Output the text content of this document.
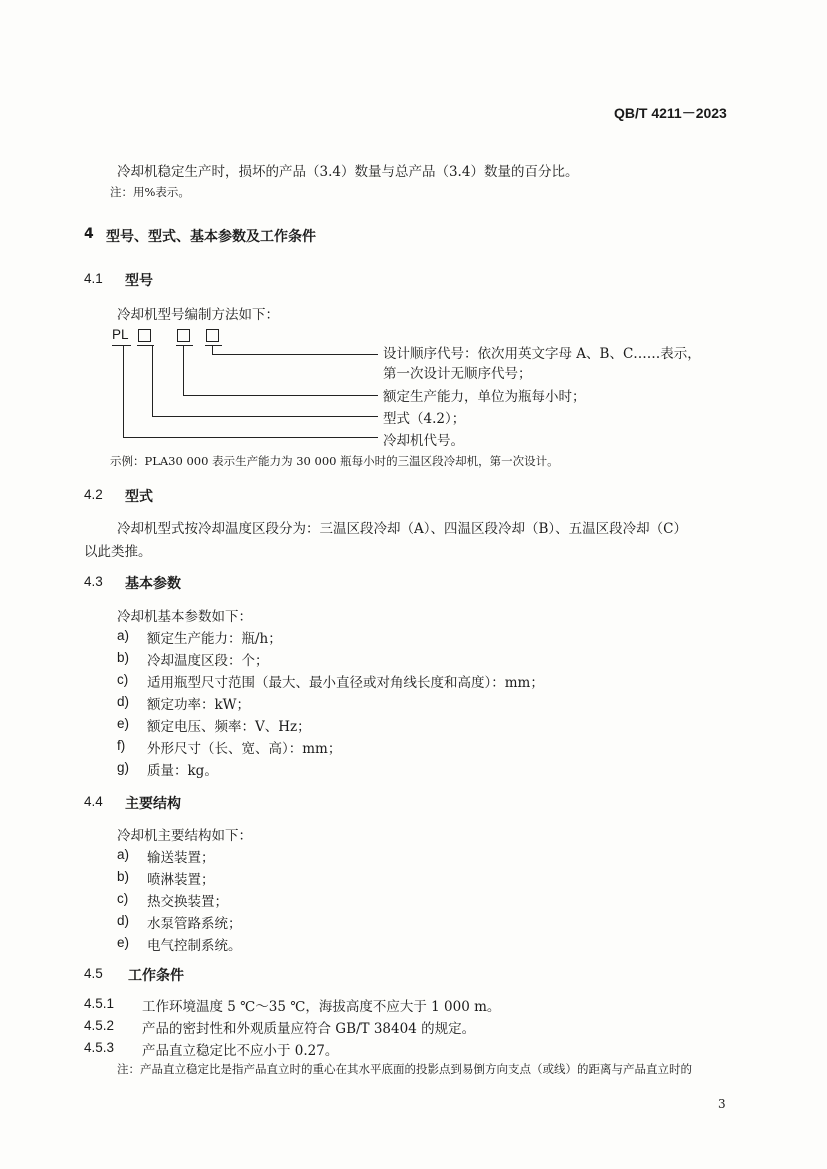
QB/T 4211－2023
冷却机稳定生产时，损坏的产品（3.4）数量与总产品（3.4）数量的百分比。
注：用%表示。
4 型号、型式、基本参数及工作条件
4.1 型号
冷却机型号编制方法如下：
PL
设计顺序代号：依次用英文字母 A、B、C……表示，
第一次设计无顺序代号；
额定生产能力，单位为瓶每小时；
型式（4.2）；
冷却机代号。
示例：PLA30 000 表示生产能力为 30 000 瓶每小时的三温区段冷却机，第一次设计。
4.2 型式
冷却机型式按冷却温度区段分为：三温区段冷却（A）、四温区段冷却（B）、五温区段冷却（C）
以此类推。
4.3 基本参数
冷却机基本参数如下：
a) 额定生产能力：瓶/h；
b) 冷却温度区段：个；
c) 适用瓶型尺寸范围（最大、最小直径或对角线长度和高度）：mm；
d) 额定功率：kW；
e) 额定电压、频率：V、Hz；
f) 外形尺寸（长、宽、高）：mm；
g) 质量：kg。
4.4 主要结构
冷却机主要结构如下：
a) 输送装置；
b) 喷淋装置；
c) 热交换装置；
d) 水泵管路系统；
e) 电气控制系统。
4.5 工作条件
4.5.1 工作环境温度 5 ℃～35 ℃，海拔高度不应大于 1 000 m。
4.5.2 产品的密封性和外观质量应符合 GB/T 38404 的规定。
4.5.3 产品直立稳定比不应小于 0.27。
注：产品直立稳定比是指产品直立时的重心在其水平底面的投影点到易倒方向支点（或线）的距离与产品直立时的
3
